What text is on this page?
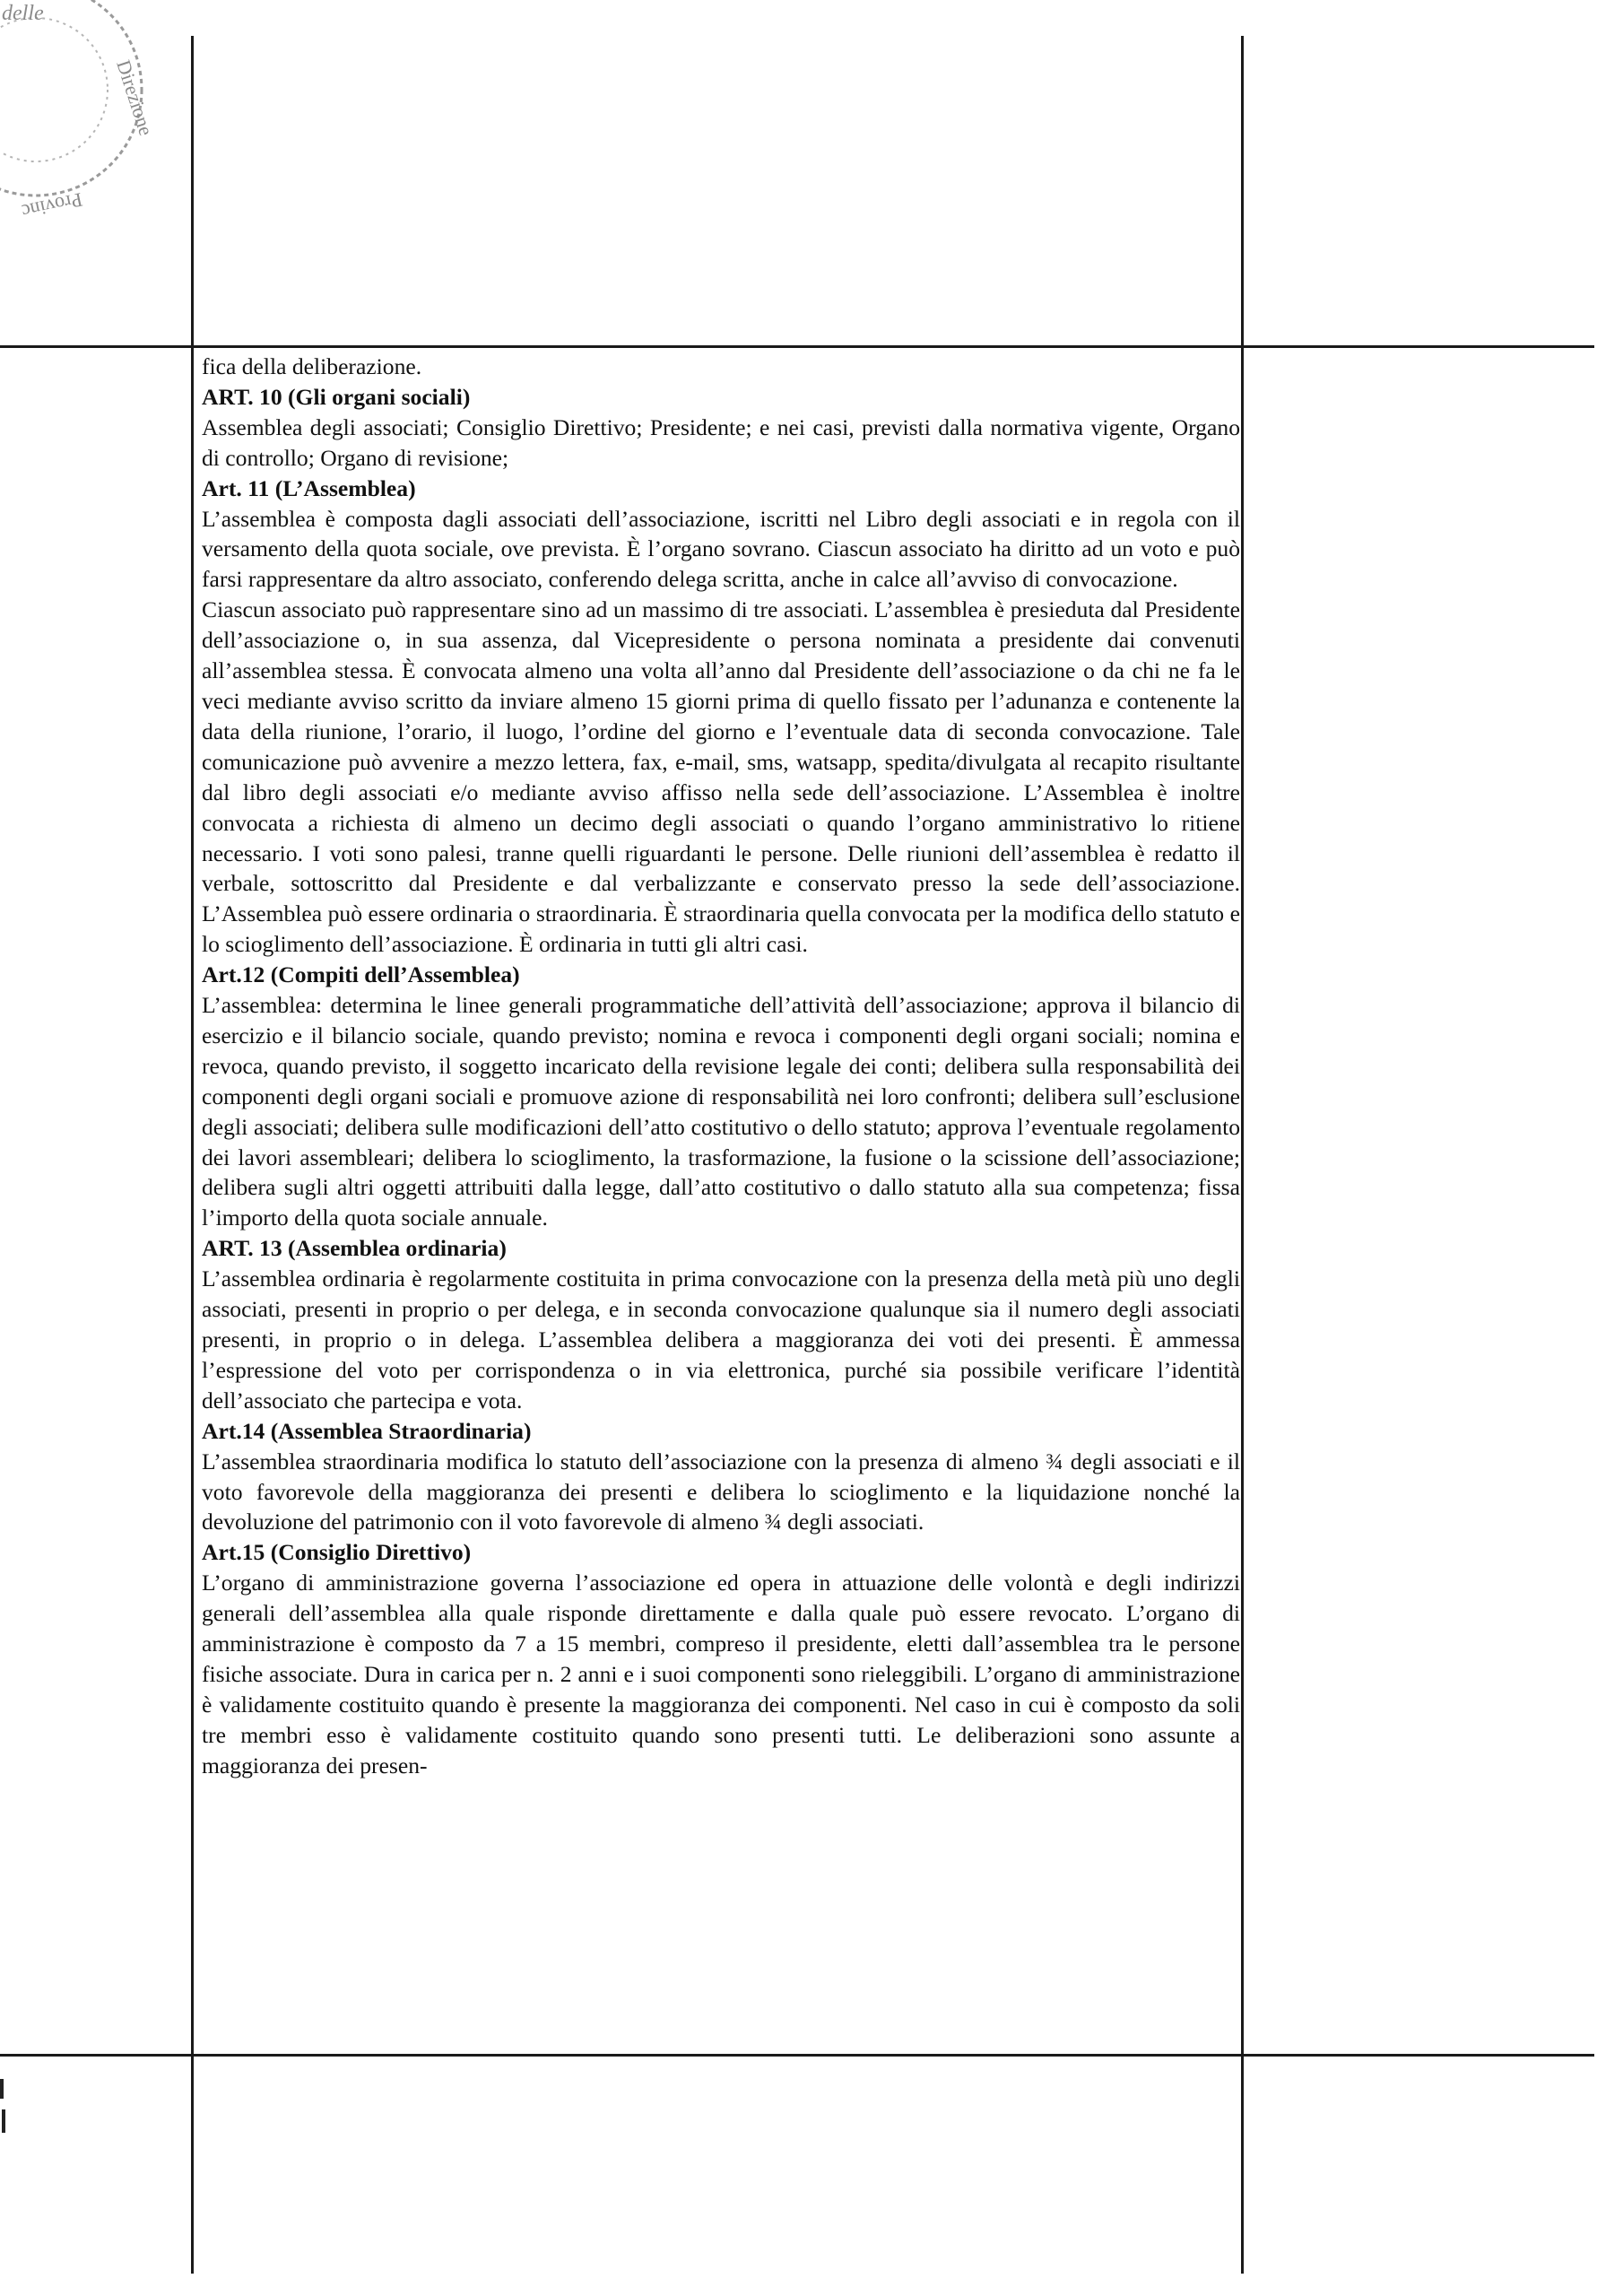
delle
Direzione
Provinc

fica della deliberazione.

ART. 10 (Gli organi sociali)

Assemblea degli associati; Consiglio Direttivo; Presidente; e nei casi, previsti dalla normativa vigente, Organo di controllo; Organo di revisione;

Art. 11 (L’Assemblea)

L’assemblea è composta dagli associati dell’associazione, iscritti nel Libro degli associati e in regola con il versamento della quota sociale, ove prevista. È l’organo sovrano. Ciascun associato ha diritto ad un voto e può farsi rappresentare da altro associato, conferendo delega scritta, anche in calce all’avviso di convocazione.

Ciascun associato può rappresentare sino ad un massimo di tre associati. L’assemblea è presieduta dal Presidente dell’associazione o, in sua assenza, dal Vicepresidente o persona nominata a presidente dai convenuti all’assemblea stessa. È convocata almeno una volta all’anno dal Presidente dell’associazione o da chi ne fa le veci mediante avviso scritto da inviare almeno 15 giorni prima di quello fissato per l’adunanza e contenente la data della riunione, l’orario, il luogo, l’ordine del giorno e l’eventuale data di seconda convocazione. Tale comunicazione può avvenire a mezzo lettera, fax, e-mail, sms, watsapp, spedita/divulgata al recapito risultante dal libro degli associati e/o mediante avviso affisso nella sede dell’associazione. L’Assemblea è inoltre convocata a richiesta di almeno un decimo degli associati o quando l’organo amministrativo lo ritiene necessario. I voti sono palesi, tranne quelli riguardanti le persone. Delle riunioni dell’assemblea è redatto il verbale, sottoscritto dal Presidente e dal verbalizzante e conservato presso la sede dell’associazione. L’Assemblea può essere ordinaria o straordinaria. È straordinaria quella convocata per la modifica dello statuto e lo scioglimento dell’associazione. È ordinaria in tutti gli altri casi.

Art.12 (Compiti dell’Assemblea)

L’assemblea: determina le linee generali programmatiche dell’attività dell’associazione; approva il bilancio di esercizio e il bilancio sociale, quando previsto; nomina e revoca i componenti degli organi sociali; nomina e revoca, quando previsto, il soggetto incaricato della revisione legale dei conti; delibera sulla responsabilità dei componenti degli organi sociali e promuove azione di responsabilità nei loro confronti; delibera sull’esclusione degli associati; delibera sulle modificazioni dell’atto costitutivo o dello statuto; approva l’eventuale regolamento dei lavori assembleari; delibera lo scioglimento, la trasformazione, la fusione o la scissione dell’associazione; delibera sugli altri oggetti attribuiti dalla legge, dall’atto costitutivo o dallo statuto alla sua competenza; fissa l’importo della quota sociale annuale.

ART. 13 (Assemblea ordinaria)

L’assemblea ordinaria è regolarmente costituita in prima convocazione con la presenza della metà più uno degli associati, presenti in proprio o per delega, e in seconda convocazione qualunque sia il numero degli associati presenti, in proprio o in delega. L’assemblea delibera a maggioranza dei voti dei presenti. È ammessa l’espressione del voto per corrispondenza o in via elettronica, purché sia possibile verificare l’identità dell’associato che partecipa e vota.

Art.14 (Assemblea Straordinaria)

L’assemblea straordinaria modifica lo statuto dell’associazione con la presenza di almeno ¾ degli associati e il voto favorevole della maggioranza dei presenti e delibera lo scioglimento e la liquidazione nonché la devoluzione del patrimonio con il voto favorevole di almeno ¾ degli associati.

Art.15 (Consiglio Direttivo)

L’organo di amministrazione governa l’associazione ed opera in attuazione delle volontà e degli indirizzi generali dell’assemblea alla quale risponde direttamente e dalla quale può essere revocato. L’organo di amministrazione è composto da 7 a 15 membri, compreso il presidente, eletti dall’assemblea tra le persone fisiche associate. Dura in carica per n. 2 anni e i suoi componenti sono rieleggibili. L’organo di amministrazione è validamente costituito quando è presente la maggioranza dei componenti. Nel caso in cui è composto da soli tre membri esso è validamente costituito quando sono presenti tutti. Le deliberazioni sono assunte a maggioranza dei presen-
